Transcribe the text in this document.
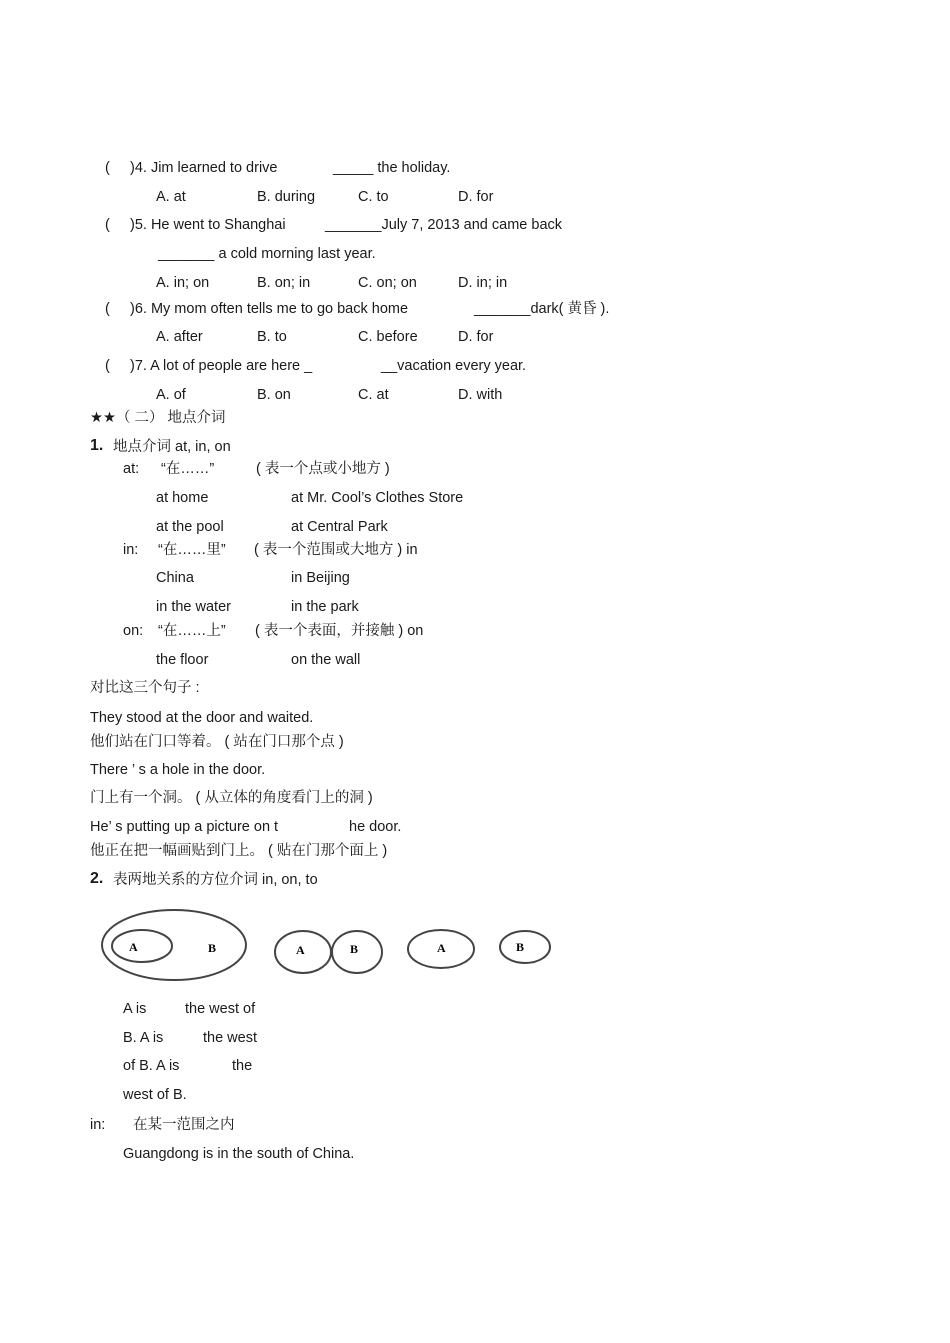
( )4. Jim learned to drive	_____ the holiday.
A. at	B. during	C. to	D. for
( )5. He went to Shanghai	_______July 7, 2013 and came back
_______ a cold morning last year.
A. in; on	B. on; in	C. on; on	D. in; in
( )6. My mom often tells me to go back home	_______dark( 黄昏 ).
A. after	B. to	C. before	D. for
( )7. A lot of people are here _	__vacation every year.
A. of	B. on	C. at	D. with
★★（ 二） 地点介词
1. 地点介词 at, in, on
at: “在……”	( 表一个点或小地方 )
at home	at Mr. Cool’s Clothes Store
at the pool	at Central Park
in: “在……里” ( 表一个范围或大地方 ) in
China	in Beijing
in the water	in the park
on: “在……上” ( 表一个表面，并接触 ) on
the floor	on the wall
对比这三个句子 :
They stood at the door and waited.
他们站在门口等着。 ( 站在门口那个点 )
There ’ s a hole in the door.
门上有一个洞。 ( 从立体的角度看门上的洞 )
He’ s putting up a picture on t	he door.
他正在把一幅画贴到门上。 ( 贴在门那个面上 )
2. 表两地关系的方位介词 in, on, to
A	B	A	B	A	B
A is	the west of
B. A is	the west
of B. A is	the
west of B.
in: 在某一范围之内
Guangdong is in the south of China.
